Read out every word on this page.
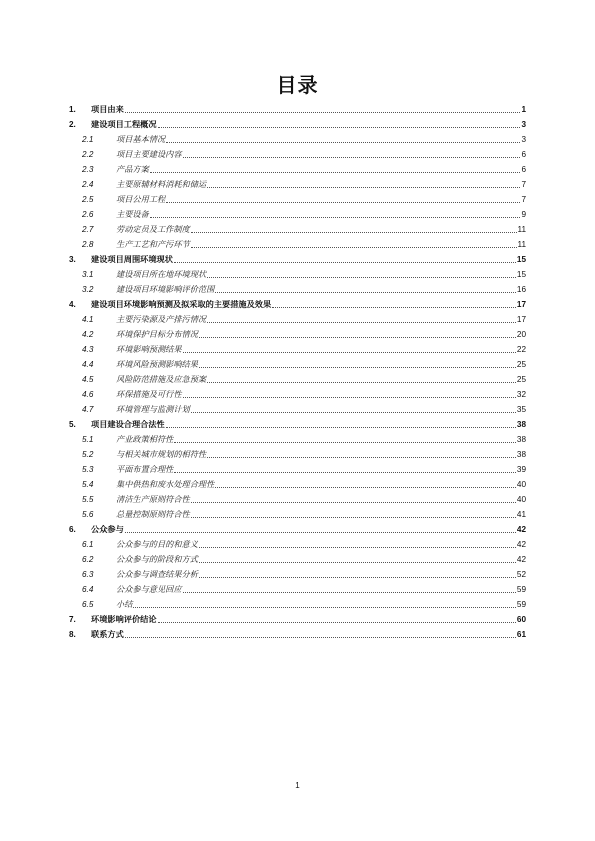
目录
1.	项目由来	1
2.	建设项目工程概况	3
2.1	项目基本情况	3
2.2	项目主要建设内容	6
2.3	产品方案	6
2.4	主要原辅材料消耗和储运	7
2.5	项目公用工程	7
2.6	主要设备	9
2.7	劳动定员及工作制度	11
2.8	生产工艺和产污环节	11
3.	建设项目周围环境现状	15
3.1	建设项目所在地环境现状	15
3.2	建设项目环境影响评价范围	16
4.	建设项目环境影响预测及拟采取的主要措施及效果	17
4.1	主要污染源及产排污情况	17
4.2	环境保护目标分布情况	20
4.3	环境影响预测结果	22
4.4	环境风险预测影响结果	25
4.5	风险防范措施及应急预案	25
4.6	环保措施及可行性	32
4.7	环境管理与监测计划	35
5.	项目建设合理合法性	38
5.1	产业政策相符性	38
5.2	与相关城市规划的相符性	38
5.3	平面布置合理性	39
5.4	集中供热和废水处理合理性	40
5.5	清洁生产原则符合性	40
5.6	总量控制原则符合性	41
6.	公众参与	42
6.1	公众参与的目的和意义	42
6.2	公众参与的阶段和方式	42
6.3	公众参与调查结果分析	52
6.4	公众参与意见回应	59
6.5	小结	59
7.	环境影响评价结论	60
8.	联系方式	61
1
